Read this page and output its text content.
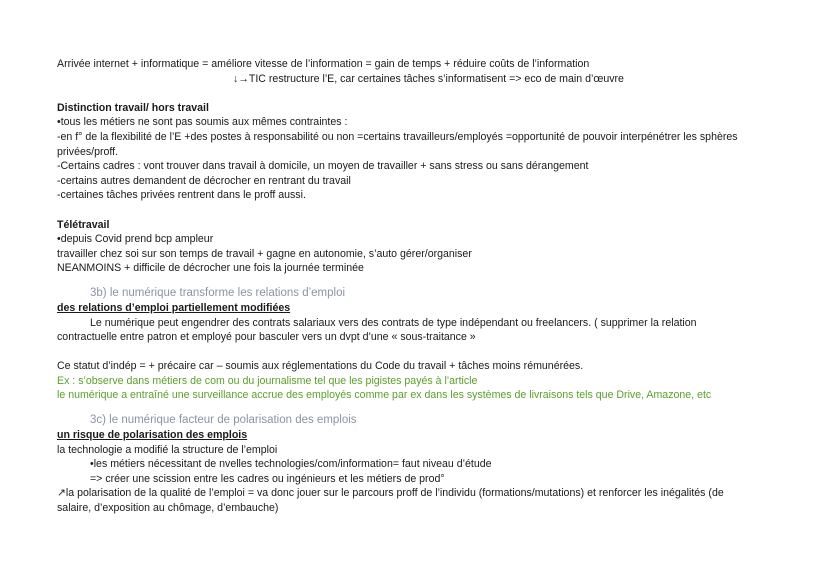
Arrivée internet + informatique = améliore vitesse de l’information = gain de temps + réduire coûts de l’information
↓→TIC restructure l’E, car certaines tâches s’informatisent => eco de main d’œuvre
Distinction travail/ hors travail
•tous les métiers ne sont pas soumis aux mêmes contraintes :
-en f° de la flexibilité de l’E +des postes à responsabilité ou non =certains travailleurs/employés =opportunité de pouvoir interpénétrer les sphères privées/proff.
-Certains cadres : vont trouver dans travail à domicile, un moyen de travailler + sans stress ou sans dérangement
-certains autres demandent de décrocher en rentrant du travail
-certaines tâches privées rentrent dans le proff aussi.
Télétravail
•depuis Covid prend bcp ampleur
travailler chez soi sur son temps de travail + gagne en autonomie, s’auto gérer/organiser
NEANMOINS + difficile de décrocher une fois la journée terminée
3b) le numérique transforme les relations d’emploi
des relations d’emploi partiellement modifiées
Le numérique peut engendrer des contrats salariaux vers des contrats de type indépendant ou freelancers. ( supprimer la relation
contractuelle entre patron et employé pour basculer vers un dvpt d’une « sous-traitance »
Ce statut d’indép = + précaire car – soumis aux réglementations du Code du travail + tâches moins rémunérées.
Ex : s’observe dans métiers de com ou du journalisme tel que les pigistes payés à l’article
le numérique a entraîné une surveillance accrue des employés comme par ex dans les systèmes de livraisons tels que Drive, Amazone, etc
3c) le numérique facteur de polarisation des emplois
un risque de polarisation des emplois
la technologie a modifié la structure de l’emploi
•les métiers nécessitant de nvelles technologies/com/information= faut niveau d’étude
=> créer une scission entre les cadres ou ingénieurs et les métiers de prod°
↗la polarisation de la qualité de l’emploi = va donc jouer sur le parcours proff de l’individu (formations/mutations) et renforcer les inégalités (de
salaire, d’exposition au chômage, d’embauche)
